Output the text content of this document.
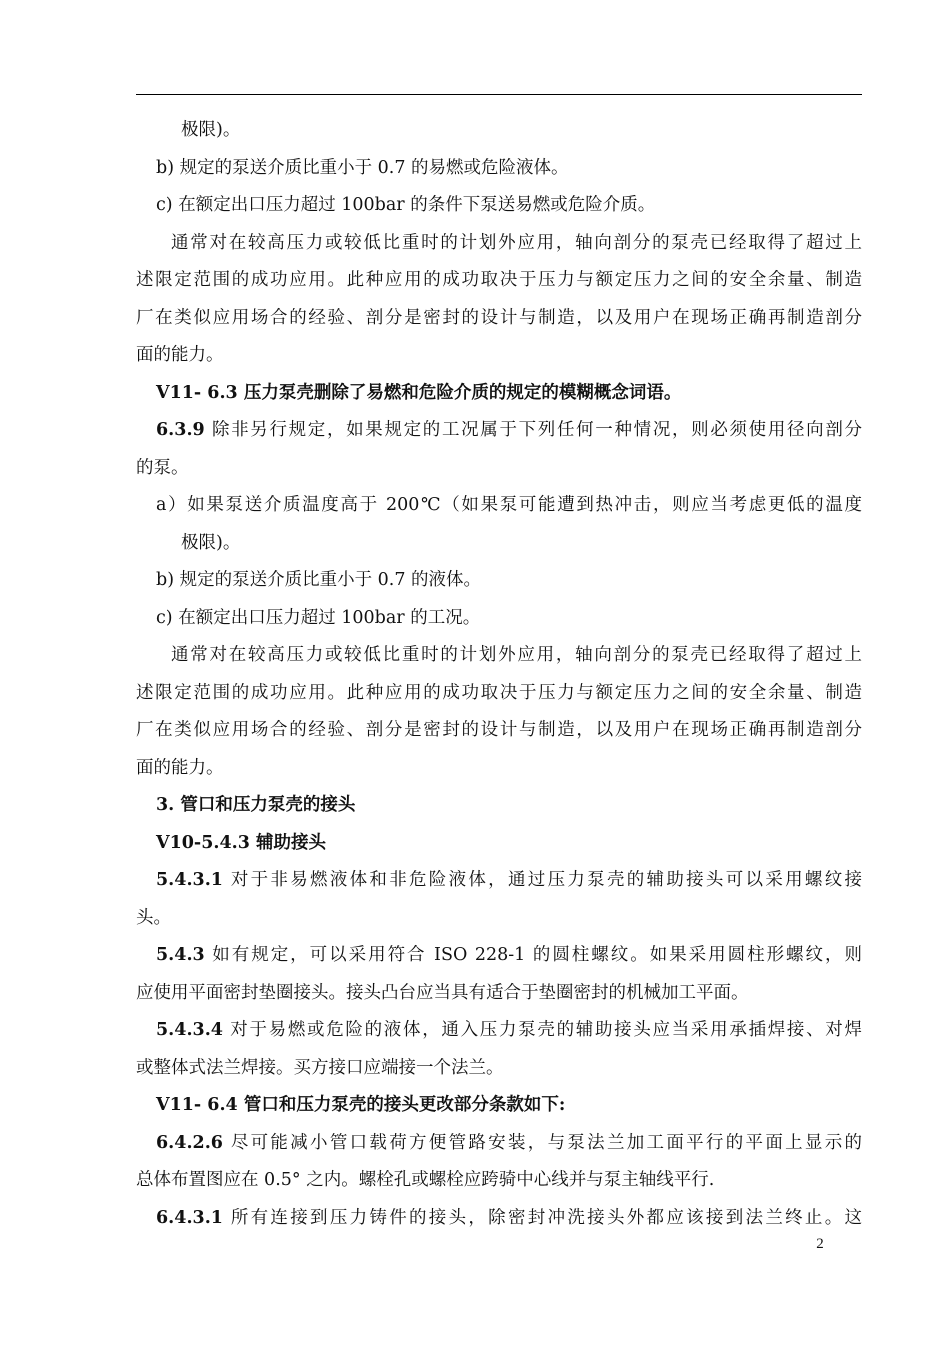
极限)。
b) 规定的泵送介质比重小于 0.7 的易燃或危险液体。
c) 在额定出口压力超过 100bar 的条件下泵送易燃或危险介质。
通常对在较高压力或较低比重时的计划外应用，轴向剖分的泵壳已经取得了超过上
述限定范围的成功应用。此种应用的成功取决于压力与额定压力之间的安全余量、制造
厂在类似应用场合的经验、剖分是密封的设计与制造，以及用户在现场正确再制造剖分
面的能力。
V11- 6.3 压力泵壳删除了易燃和危险介质的规定的模糊概念词语。
6.3.9 除非另行规定，如果规定的工况属于下列任何一种情况，则必须使用径向剖分
的泵。
a）如果泵送介质温度高于 200℃（如果泵可能遭到热冲击，则应当考虑更低的温度
极限)。
b) 规定的泵送介质比重小于 0.7 的液体。
c) 在额定出口压力超过 100bar 的工况。
通常对在较高压力或较低比重时的计划外应用，轴向剖分的泵壳已经取得了超过上
述限定范围的成功应用。此种应用的成功取决于压力与额定压力之间的安全余量、制造
厂在类似应用场合的经验、剖分是密封的设计与制造，以及用户在现场正确再制造剖分
面的能力。
3. 管口和压力泵壳的接头
V10-5.4.3 辅助接头
5.4.3.1 对于非易燃液体和非危险液体，通过压力泵壳的辅助接头可以采用螺纹接
头。
5.4.3 如有规定，可以采用符合 ISO 228-1 的圆柱螺纹。如果采用圆柱形螺纹，则
应使用平面密封垫圈接头。接头凸台应当具有适合于垫圈密封的机械加工平面。
5.4.3.4 对于易燃或危险的液体，通入压力泵壳的辅助接头应当采用承插焊接、对焊
或整体式法兰焊接。买方接口应端接一个法兰。
V11- 6.4 管口和压力泵壳的接头更改部分条款如下:
6.4.2.6 尽可能减小管口载荷方便管路安装，与泵法兰加工面平行的平面上显示的
总体布置图应在 0.5° 之内。螺栓孔或螺栓应跨骑中心线并与泵主轴线平行.
6.4.3.1 所有连接到压力铸件的接头，除密封冲洗接头外都应该接到法兰终止。这
2
